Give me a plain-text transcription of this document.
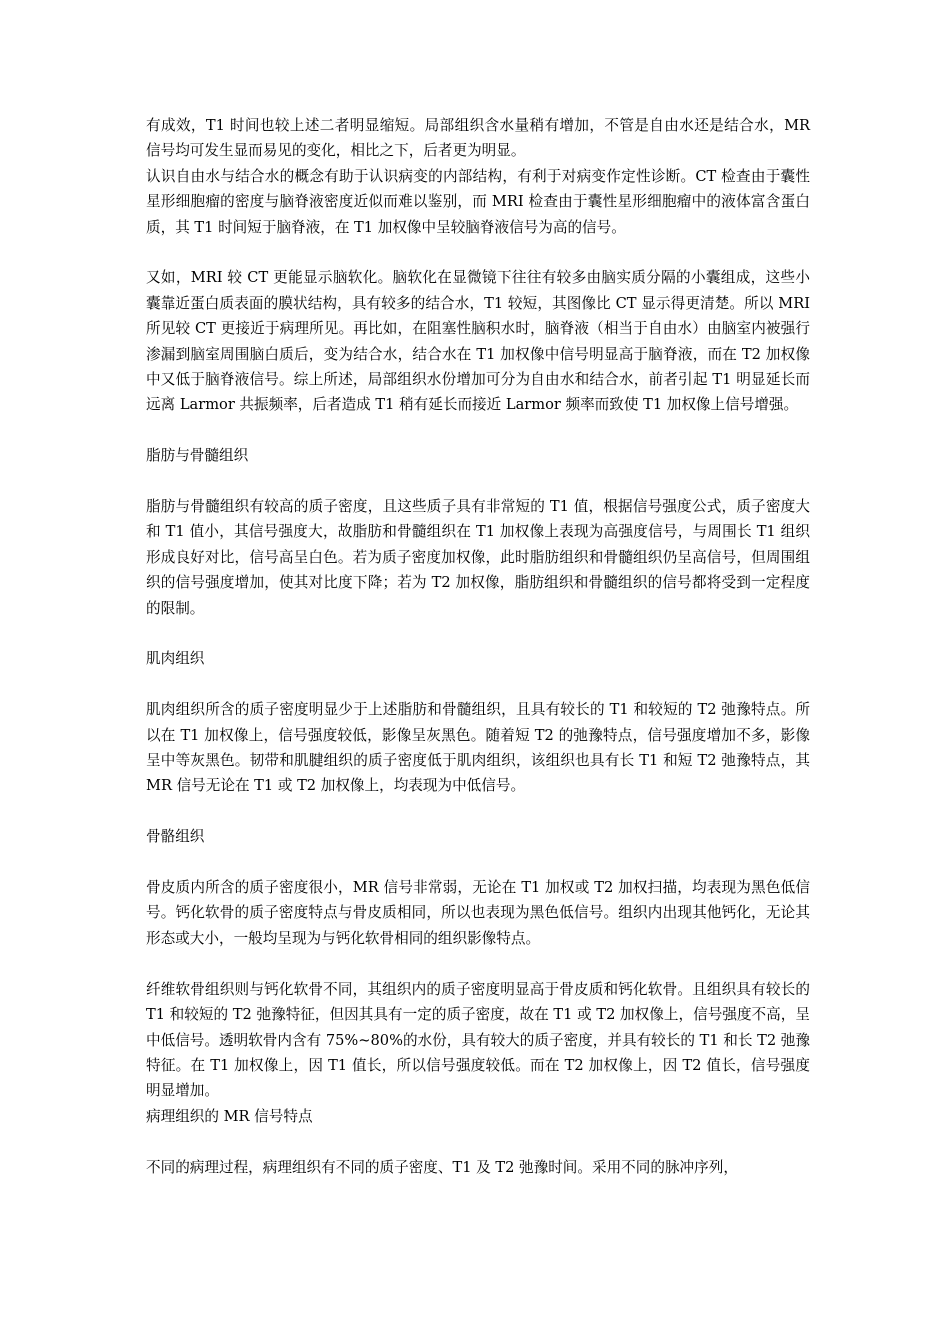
有成效，T1 时间也较上述二者明显缩短。局部组织含水量稍有增加，不管是自由水还是结合水，MR 信号均可发生显而易见的变化，相比之下，后者更为明显。

认识自由水与结合水的概念有助于认识病变的内部结构，有利于对病变作定性诊断。CT 检查由于囊性星形细胞瘤的密度与脑脊液密度近似而难以鉴别，而 MRI 检查由于囊性星形细胞瘤中的液体富含蛋白质，其 T1 时间短于脑脊液，在 T1 加权像中呈较脑脊液信号为高的信号。

又如，MRI 较 CT 更能显示脑软化。脑软化在显微镜下往往有较多由脑实质分隔的小囊组成，这些小囊靠近蛋白质表面的膜状结构，具有较多的结合水，T1 较短，其图像比 CT 显示得更清楚。所以 MRI 所见较 CT 更接近于病理所见。再比如，在阻塞性脑积水时，脑脊液（相当于自由水）由脑室内被强行渗漏到脑室周围脑白质后，变为结合水，结合水在 T1 加权像中信号明显高于脑脊液，而在 T2 加权像中又低于脑脊液信号。综上所述，局部组织水份增加可分为自由水和结合水，前者引起 T1 明显延长而远离 Larmor 共振频率，后者造成 T1 稍有延长而接近 Larmor 频率而致使 T1 加权像上信号增强。

脂肪与骨髓组织

脂肪与骨髓组织有较高的质子密度，且这些质子具有非常短的 T1 值，根据信号强度公式，质子密度大和 T1 值小，其信号强度大，故脂肪和骨髓组织在 T1 加权像上表现为高强度信号，与周围长 T1 组织形成良好对比，信号高呈白色。若为质子密度加权像，此时脂肪组织和骨髓组织仍呈高信号，但周围组织的信号强度增加，使其对比度下降；若为 T2 加权像，脂肪组织和骨髓组织的信号都将受到一定程度的限制。

肌肉组织

肌肉组织所含的质子密度明显少于上述脂肪和骨髓组织，且具有较长的 T1 和较短的 T2 弛豫特点。所以在 T1 加权像上，信号强度较低，影像呈灰黑色。随着短 T2 的弛豫特点，信号强度增加不多，影像呈中等灰黑色。韧带和肌腱组织的质子密度低于肌肉组织，该组织也具有长 T1 和短 T2 弛豫特点，其 MR 信号无论在 T1 或 T2 加权像上，均表现为中低信号。

骨骼组织

骨皮质内所含的质子密度很小，MR 信号非常弱，无论在 T1 加权或 T2 加权扫描，均表现为黑色低信号。钙化软骨的质子密度特点与骨皮质相同，所以也表现为黑色低信号。组织内出现其他钙化，无论其形态或大小，一般均呈现为与钙化软骨相同的组织影像特点。

纤维软骨组织则与钙化软骨不同，其组织内的质子密度明显高于骨皮质和钙化软骨。且组织具有较长的 T1 和较短的 T2 弛豫特征，但因其具有一定的质子密度，故在 T1 或 T2 加权像上，信号强度不高，呈中低信号。透明软骨内含有 75%~80%的水份，具有较大的质子密度，并具有较长的 T1 和长 T2 弛豫特征。在 T1 加权像上，因 T1 值长，所以信号强度较低。而在 T2 加权像上，因 T2 值长，信号强度明显增加。

病理组织的 MR 信号特点

不同的病理过程，病理组织有不同的质子密度、T1 及 T2 弛豫时间。采用不同的脉冲序列，
